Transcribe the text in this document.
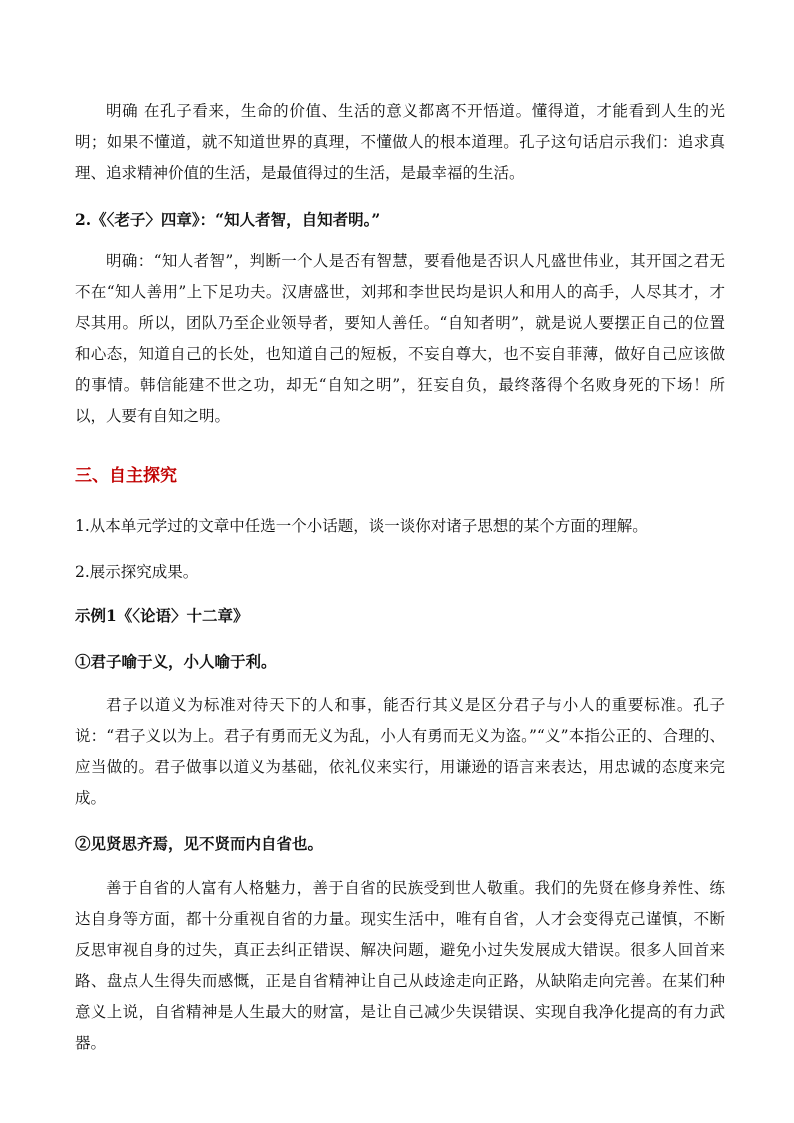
明确 在孔子看来，生命的价值、生活的意义都离不开悟道。懂得道，才能看到人生的光明；如果不懂道，就不知道世界的真理，不懂做人的根本道理。孔子这句话启示我们：追求真理、追求精神价值的生活，是最值得过的生活，是最幸福的生活。

2.《〈老子〉四章》：“知人者智，自知者明。”

明确：“知人者智”，判断一个人是否有智慧，要看他是否识人凡盛世伟业，其开国之君无不在“知人善用”上下足功夫。汉唐盛世，刘邦和李世民均是识人和用人的高手，人尽其才，才尽其用。所以，团队乃至企业领导者，要知人善任。“自知者明”，就是说人要摆正自己的位置和心态，知道自己的长处，也知道自己的短板，不妄自尊大，也不妄自菲薄，做好自己应该做的事情。韩信能建不世之功，却无“自知之明”，狂妄自负，最终落得个名败身死的下场！所以，人要有自知之明。

三、自主探究

1.从本单元学过的文章中任选一个小话题，谈一谈你对诸子思想的某个方面的理解。

2.展示探究成果。

示例1《〈论语〉十二章》

①君子喻于义，小人喻于利。

君子以道义为标准对待天下的人和事，能否行其义是区分君子与小人的重要标准。孔子说：“君子义以为上。君子有勇而无义为乱，小人有勇而无义为盗。”“义”本指公正的、合理的、应当做的。君子做事以道义为基础，依礼仪来实行，用谦逊的语言来表达，用忠诚的态度来完成。

②见贤思齐焉，见不贤而内自省也。

善于自省的人富有人格魅力，善于自省的民族受到世人敬重。我们的先贤在修身养性、练达自身等方面，都十分重视自省的力量。现实生活中，唯有自省，人才会变得克己谨慎，不断反思审视自身的过失，真正去纠正错误、解决问题，避免小过失发展成大错误。很多人回首来路、盘点人生得失而感慨，正是自省精神让自己从歧途走向正路，从缺陷走向完善。在某们种意义上说，自省精神是人生最大的财富，是让自己减少失误错误、实现自我净化提高的有力武器。
